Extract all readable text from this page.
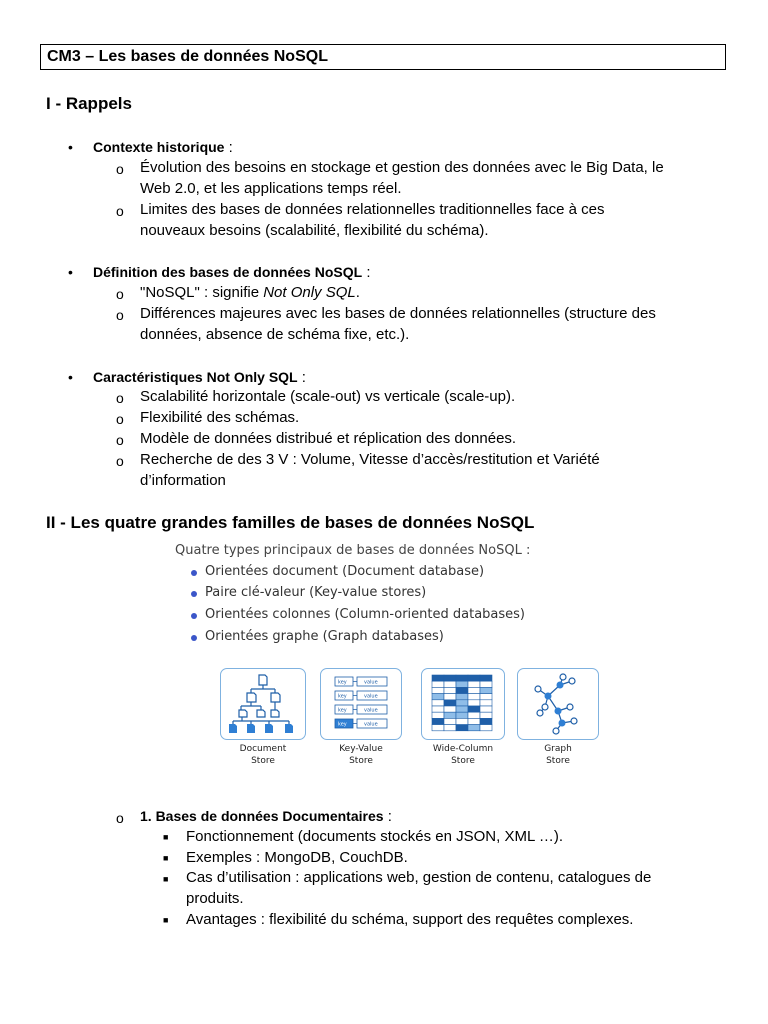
CM3 – Les bases de données NoSQL
I - Rappels
• Contexte historique :
o Évolution des besoins en stockage et gestion des données avec le Big Data, le
Web 2.0, et les applications temps réel.
o Limites des bases de données relationnelles traditionnelles face à ces
nouveaux besoins (scalabilité, flexibilité du schéma).
• Définition des bases de données NoSQL :
o "NoSQL" : signifie Not Only SQL.
o Différences majeures avec les bases de données relationnelles (structure des
données, absence de schéma fixe, etc.).
• Caractéristiques Not Only SQL :
o Scalabilité horizontale (scale-out) vs verticale (scale-up).
o Flexibilité des schémas.
o Modèle de données distribué et réplication des données.
o Recherche de des 3 V : Volume, Vitesse d’accès/restitution et Variété
d’information
II - Les quatre grandes familles de bases de données NoSQL
Quatre types principaux de bases de données NoSQL :
Orientées document (Document database)
Paire clé-valeur (Key-value stores)
Orientées colonnes (Column-oriented databases)
Orientées graphe (Graph databases)
Document
Store
key	value
key	value
key	value
key	value
Key-Value
Store
Wide-Column
Store
Graph
Store
o 1. Bases de données Documentaires :
■ Fonctionnement (documents stockés en JSON, XML …).
■ Exemples : MongoDB, CouchDB.
■ Cas d’utilisation : applications web, gestion de contenu, catalogues de
produits.
■ Avantages : flexibilité du schéma, support des requêtes complexes.
